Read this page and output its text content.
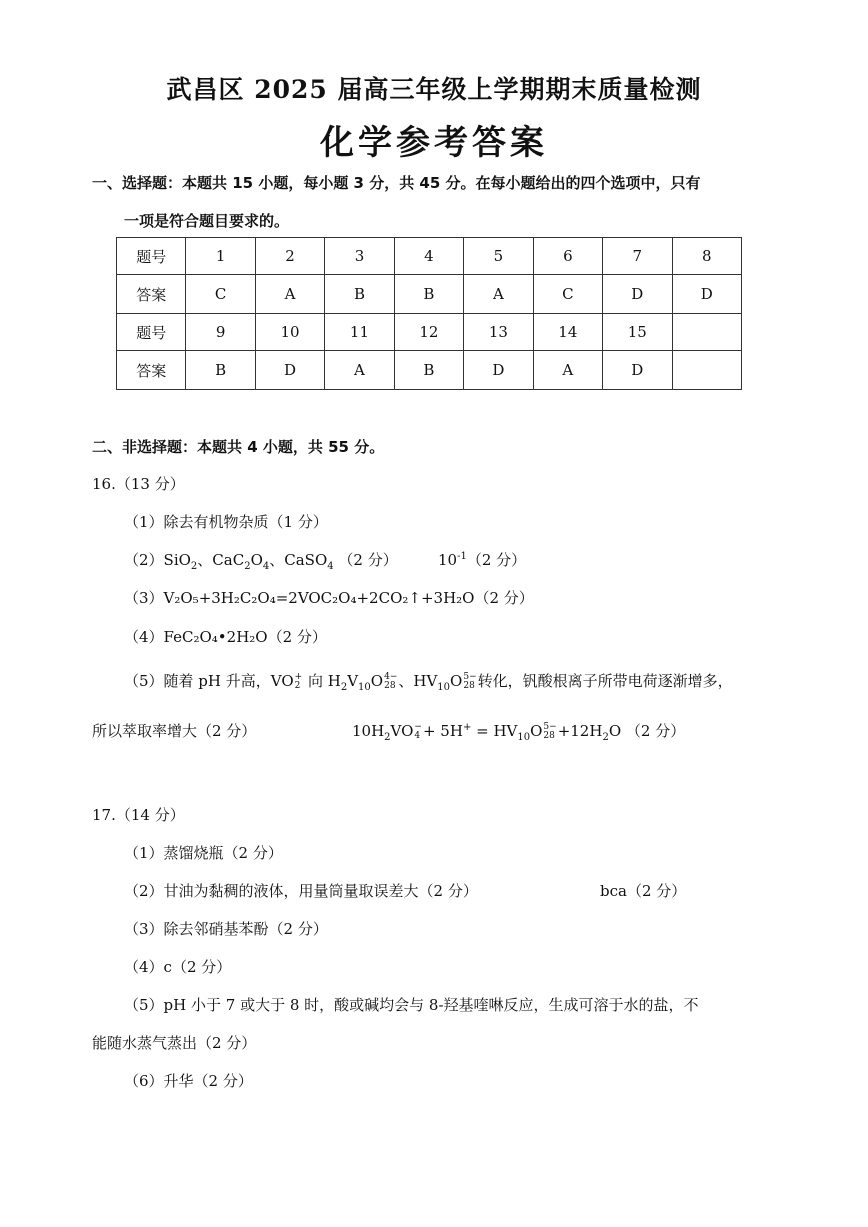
武昌区 2025 届高三年级上学期期末质量检测
化学参考答案
一、选择题：本题共 15 小题，每小题 3 分，共 45 分。在每小题给出的四个选项中，只有
一项是符合题目要求的。
题号	1	2	3	4	5	6	7	8
答案	C	A	B	B	A	C	D	D
题号	9	10	11	12	13	14	15	
答案	B	D	A	B	D	A	D	
二、非选择题：本题共 4 小题，共 55 分。
16.（13 分）
（1）除去有机物杂质（1 分）
（2）SiO$_2$、$CaC_2O_4$、CaSO$_4$ （2 分）	$10^{-1}(2$ 分）
（3）V₂O₅+3H₂C₂O₄=2VOC₂O₄+2CO₂↑+3H₂O（2 分）
（4）FeC₂O₄•2H₂O（2 分）
（5）随着 pH 升高，VO +
2 向 $H_2V_{10}O$ 4−
28 、$HV_{10}O$ 5−
28 转化，钒酸根离子所带电荷逐渐增多，
所以萃取率增大（2 分）	$10H_2VO$ −
$4 + 5H^+ = HV_{10}O$ 5−
$28 +12H_2O$ （2 分）
17.（14 分）
（1）蒸馏烧瓶（2 分）
（2）甘油为黏稠的液体，用量筒量取误差大（2 分）	bca（2 分）
（3）除去邻硝基苯酚（2 分）
（4）c（2 分）
（5）pH 小于 7 或大于 8 时，酸或碱均会与 8-羟基喹啉反应，生成可溶于水的盐，不
能随水蒸气蒸出（2 分）
（6）升华（2 分）
